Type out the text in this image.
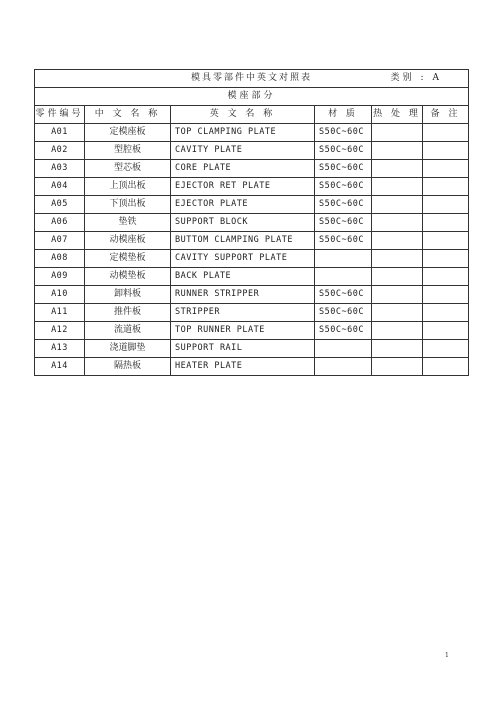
模具零部件中英文对照表 类别 : A					

模座部分					
零件编号	中 文 名 称	英 文 名 称	材 质	热 处 理	备 注
A01	定模座板	TOP CLAMPING PLATE	S50C~60C		
A02	型腔板	CAVITY PLATE	S50C~60C		
A03	型芯板	CORE PLATE	S50C~60C		
A04	上顶出板	EJECTOR RET PLATE	S50C~60C		
A05	下顶出板	EJECTOR PLATE	S50C~60C		
A06	垫铁	SUPPORT BLOCK	S50C~60C		
A07	动模座板	BUTTOM CLAMPING PLATE	S50C~60C		
A08	定模垫板	CAVITY SUPPORT PLATE			
A09	动模垫板	BACK PLATE			
A10	卸料板	RUNNER STRIPPER	S50C~60C		
A11	推件板	STRIPPER	S50C~60C		
A12	流道板	TOP RUNNER PLATE	S50C~60C		
A13	浇道脚垫	SUPPORT RAIL			
A14	隔热板	HEATER PLATE			
1
